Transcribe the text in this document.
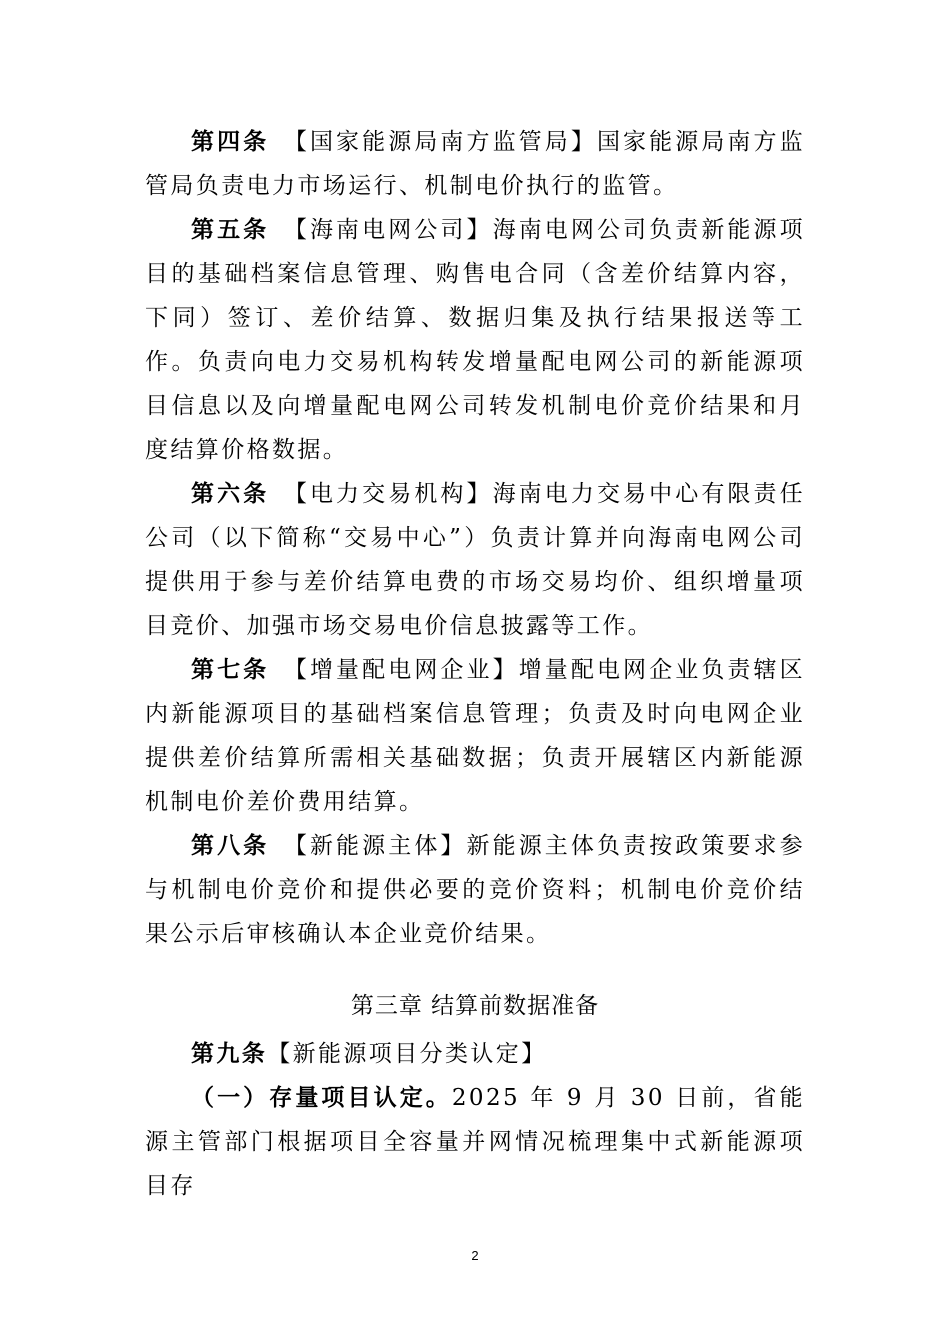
第四条　 【国家能源局南方监管局】国家能源局南方监管局负责电力市场运行、机制电价执行的监管。

第五条　 【海南电网公司】海南电网公司负责新能源项目的基础档案信息管理、购售电合同（含差价结算内容，下同）签订、差价结算、数据归集及执行结果报送等工作。负责向电力交易机构转发增量配电网公司的新能源项目信息以及向增量配电网公司转发机制电价竞价结果和月度结算价格数据。

第六条　 【电力交易机构】海南电力交易中心有限责任公司（以下简称“交易中心”）负责计算并向海南电网公司提供用于参与差价结算电费的市场交易均价、组织增量项目竞价、加强市场交易电价信息披露等工作。

第七条　 【增量配电网企业】增量配电网企业负责辖区内新能源项目的基础档案信息管理；负责及时向电网企业提供差价结算所需相关基础数据；负责开展辖区内新能源机制电价差价费用结算。

第八条　 【新能源主体】新能源主体负责按政策要求参与机制电价竞价和提供必要的竞价资料；机制电价竞价结果公示后审核确认本企业竞价结果。

第三章 结算前数据准备

第九条【新能源项目分类认定】

（一）存量项目认定。2025 年 9 月 30 日前，省能源主管部门根据项目全容量并网情况梳理集中式新能源项目存

2
